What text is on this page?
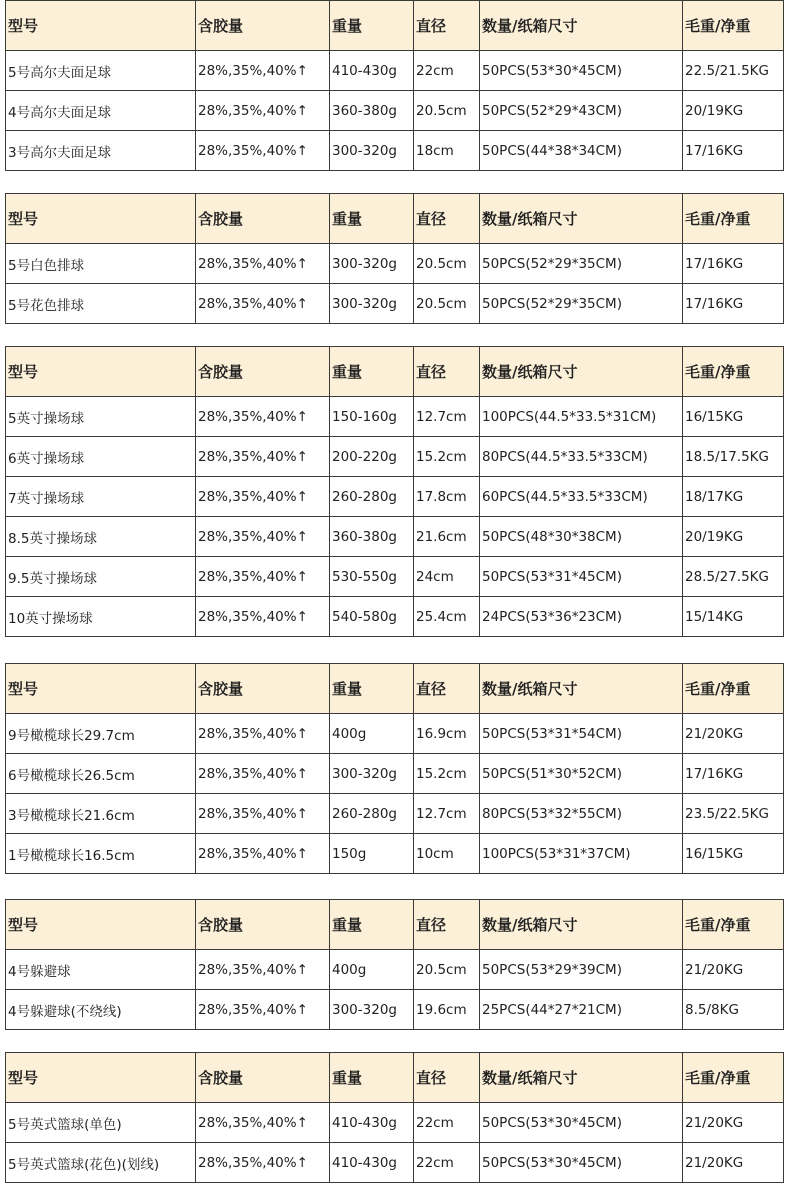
型号	含胶量	重量	直径	数量/纸箱尺寸	毛重/净重
5号高尔夫面足球	28%,35%,40%↑	410-430g	22cm	50PCS(53*30*45CM)	22.5/21.5KG
4号高尔夫面足球	28%,35%,40%↑	360-380g	20.5cm	50PCS(52*29*43CM)	20/19KG
3号高尔夫面足球	28%,35%,40%↑	300-320g	18cm	50PCS(44*38*34CM)	17/16KG
型号	含胶量	重量	直径	数量/纸箱尺寸	毛重/净重
5号白色排球	28%,35%,40%↑	300-320g	20.5cm	50PCS(52*29*35CM)	17/16KG
5号花色排球	28%,35%,40%↑	300-320g	20.5cm	50PCS(52*29*35CM)	17/16KG
型号	含胶量	重量	直径	数量/纸箱尺寸	毛重/净重
5英寸操场球	28%,35%,40%↑	150-160g	12.7cm	100PCS(44.5*33.5*31CM)	16/15KG
6英寸操场球	28%,35%,40%↑	200-220g	15.2cm	80PCS(44.5*33.5*33CM)	18.5/17.5KG
7英寸操场球	28%,35%,40%↑	260-280g	17.8cm	60PCS(44.5*33.5*33CM)	18/17KG
8.5英寸操场球	28%,35%,40%↑	360-380g	21.6cm	50PCS(48*30*38CM)	20/19KG
9.5英寸操场球	28%,35%,40%↑	530-550g	24cm	50PCS(53*31*45CM)	28.5/27.5KG
10英寸操场球	28%,35%,40%↑	540-580g	25.4cm	24PCS(53*36*23CM)	15/14KG
型号	含胶量	重量	直径	数量/纸箱尺寸	毛重/净重
9号橄榄球长29.7cm	28%,35%,40%↑	400g	16.9cm	50PCS(53*31*54CM)	21/20KG
6号橄榄球长26.5cm	28%,35%,40%↑	300-320g	15.2cm	50PCS(51*30*52CM)	17/16KG
3号橄榄球长21.6cm	28%,35%,40%↑	260-280g	12.7cm	80PCS(53*32*55CM)	23.5/22.5KG
1号橄榄球长16.5cm	28%,35%,40%↑	150g	10cm	100PCS(53*31*37CM)	16/15KG
型号	含胶量	重量	直径	数量/纸箱尺寸	毛重/净重
4号躲避球	28%,35%,40%↑	400g	20.5cm	50PCS(53*29*39CM)	21/20KG
4号躲避球(不绕线)	28%,35%,40%↑	300-320g	19.6cm	25PCS(44*27*21CM)	8.5/8KG
型号	含胶量	重量	直径	数量/纸箱尺寸	毛重/净重
5号英式篮球(单色)	28%,35%,40%↑	410-430g	22cm	50PCS(53*30*45CM)	21/20KG
5号英式篮球(花色)(划线)	28%,35%,40%↑	410-430g	22cm	50PCS(53*30*45CM)	21/20KG
